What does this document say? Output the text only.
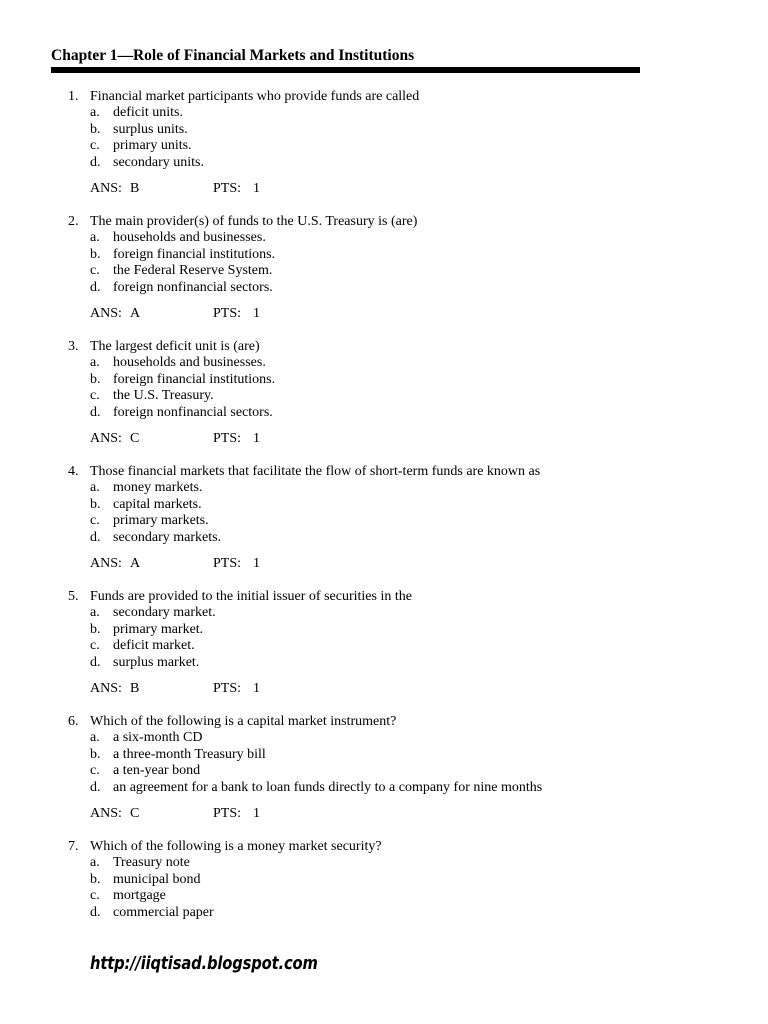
Chapter 1—Role of Financial Markets and Institutions
1. Financial market participants who provide funds are called
a. deficit units.
b. surplus units.
c. primary units.
d. secondary units.
ANS: B	PTS: 1
2. The main provider(s) of funds to the U.S. Treasury is (are)
a. households and businesses.
b. foreign financial institutions.
c. the Federal Reserve System.
d. foreign nonfinancial sectors.
ANS: A	PTS: 1
3. The largest deficit unit is (are)
a. households and businesses.
b. foreign financial institutions.
c. the U.S. Treasury.
d. foreign nonfinancial sectors.
ANS: C	PTS: 1
4. Those financial markets that facilitate the flow of short-term funds are known as
a. money markets.
b. capital markets.
c. primary markets.
d. secondary markets.
ANS: A	PTS: 1
5. Funds are provided to the initial issuer of securities in the
a. secondary market.
b. primary market.
c. deficit market.
d. surplus market.
ANS: B	PTS: 1
6. Which of the following is a capital market instrument?
a. a six-month CD
b. a three-month Treasury bill
c. a ten-year bond
d. an agreement for a bank to loan funds directly to a company for nine months
ANS: C	PTS: 1
7. Which of the following is a money market security?
a. Treasury note
b. municipal bond
c. mortgage
d. commercial paper
http://iiqtisad.blogspot.com
